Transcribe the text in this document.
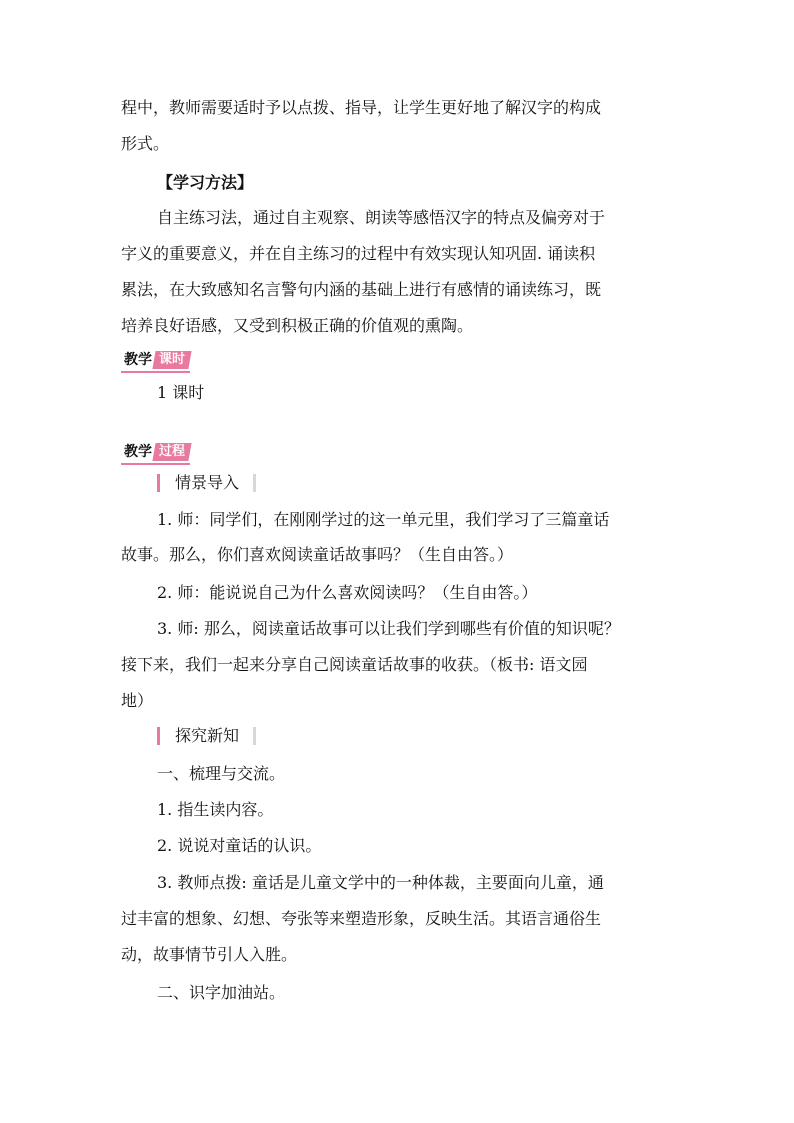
程中，教师需要适时予以点拨、指导，让学生更好地了解汉字的构成

形式。

【学习方法】

自主练习法，通过自主观察、朗读等感悟汉字的特点及偏旁对于

字义的重要意义，并在自主练习的过程中有效实现认知巩固. 诵读积

累法，在大致感知名言警句内涵的基础上进行有感情的诵读练习，既

培养良好语感，又受到积极正确的价值观的熏陶。

教学 课时

1 课时

教学 过程
情景导入

1. 师：同学们，在刚刚学过的这一单元里，我们学习了三篇童话

故事。那么，你们喜欢阅读童话故事吗？（生自由答。）

2. 师：能说说自己为什么喜欢阅读吗？（生自由答。）

3. 师: 那么，阅读童话故事可以让我们学到哪些有价值的知识呢？

接下来，我们一起来分享自己阅读童话故事的收获。（板书: 语文园

地）

探究新知

一、梳理与交流。

1. 指生读内容。

2. 说说对童话的认识。

3. 教师点拨: 童话是儿童文学中的一种体裁，主要面向儿童，通

过丰富的想象、幻想、夸张等来塑造形象，反映生活。其语言通俗生

动，故事情节引人入胜。

二、识字加油站。
